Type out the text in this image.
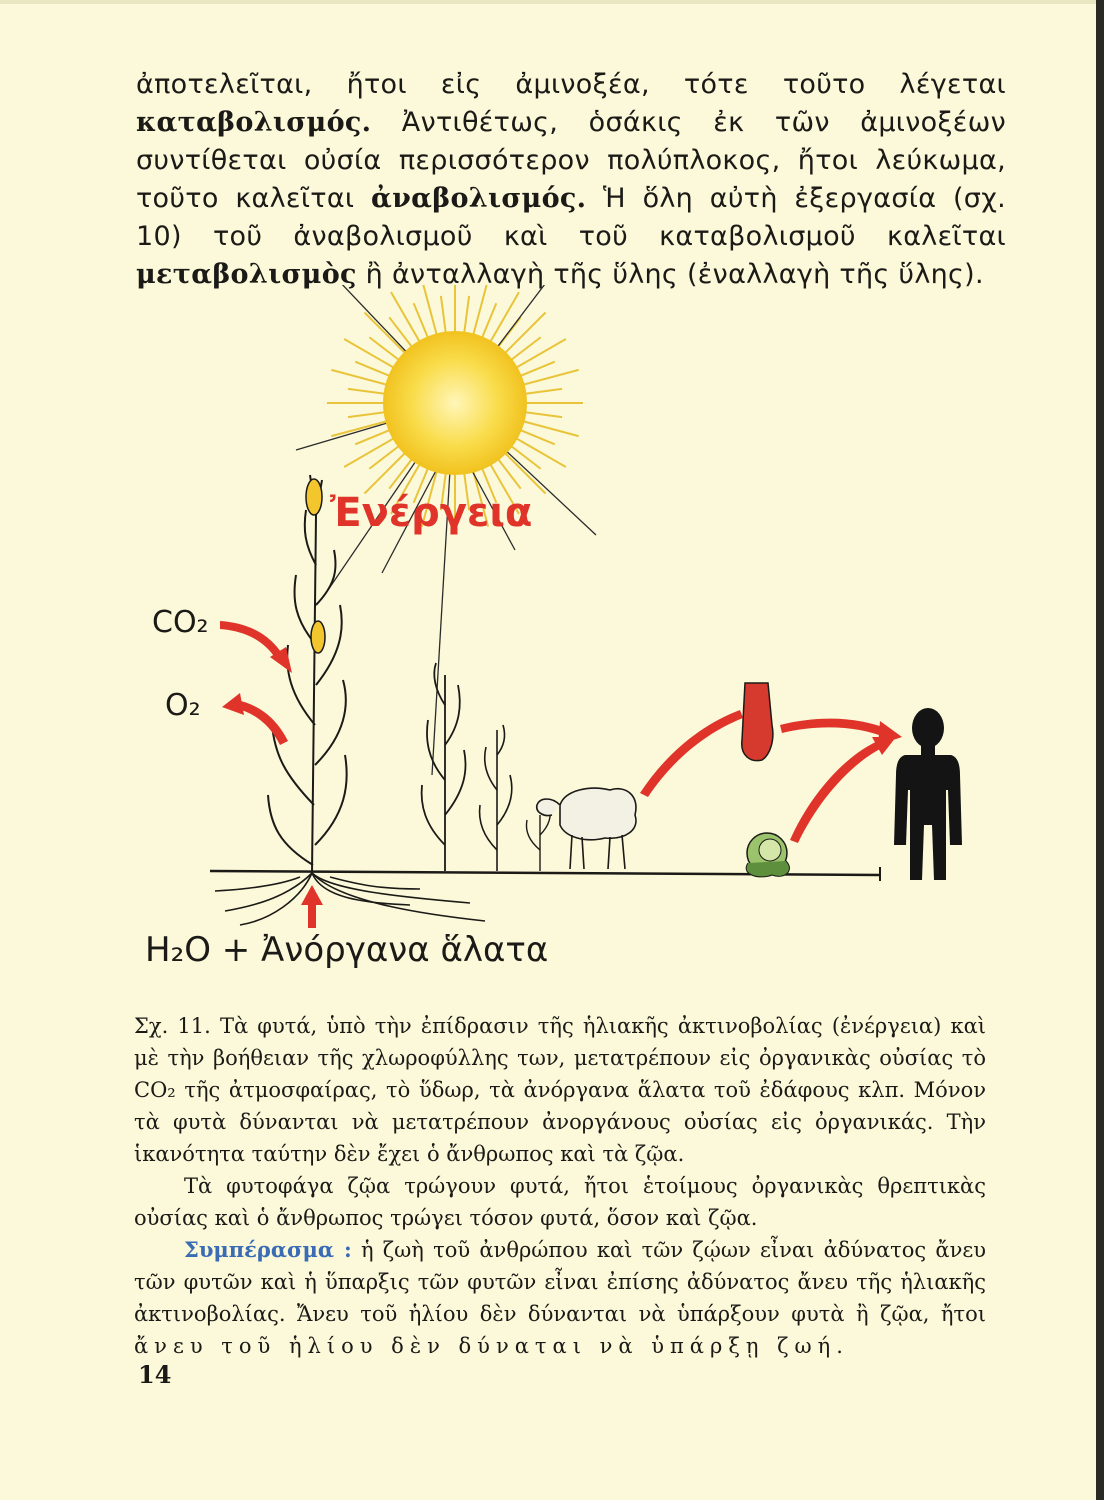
ἀποτελεῖται, ἤτοι εἰς ἀμινοξέα, τότε τοῦτο λέγεται καταβολισμός. Ἀντιθέτως, ὁσάκις ἐκ τῶν ἀμινοξέων συντίθεται οὐσία περισσότερον πολύπλοκος, ἤτοι λεύκωμα, τοῦτο καλεῖται ἀναβολισμός. Ἡ ὅλη αὐτὴ ἐξεργασία (σχ. 10) τοῦ ἀναβολισμοῦ καὶ τοῦ καταβολισμοῦ καλεῖται μεταβολισμὸς ἢ ἀνταλλαγὴ τῆς ὕλης (ἐναλλαγὴ τῆς ὕλης).
Ἐνέργεια
CO₂
O₂
H₂O + Ἀνόργανα ἅλατα

Σχ. 11. Τὰ φυτά, ὑπὸ τὴν ἐπίδρασιν τῆς ἡλιακῆς ἀκτινοβολίας (ἐνέργεια) καὶ μὲ τὴν βοήθειαν τῆς χλωροφύλλης των, μετατρέπουν εἰς ὀργανικὰς οὐσίας τὸ CO₂ τῆς ἀτμοσφαίρας, τὸ ὕδωρ, τὰ ἀνόργανα ἅλατα τοῦ ἐδάφους κλπ. Μόνον τὰ φυτὰ δύνανται νὰ μετατρέπουν ἀνοργάνους οὐσίας εἰς ὀργανικάς. Τὴν ἱκανότητα ταύτην δὲν ἔχει ὁ ἄνθρωπος καὶ τὰ ζῷα.

Τὰ φυτοφάγα ζῷα τρώγουν φυτά, ἤτοι ἑτοίμους ὀργανικὰς θρεπτικὰς οὐσίας καὶ ὁ ἄνθρωπος τρώγει τόσον φυτά, ὅσον καὶ ζῷα.

Συμπέρασμα : ἡ ζωὴ τοῦ ἀνθρώπου καὶ τῶν ζῴων εἶναι ἀδύνατος ἄνευ τῶν φυτῶν καὶ ἡ ὕπαρξις τῶν φυτῶν εἶναι ἐπίσης ἀδύνατος ἄνευ τῆς ἡλιακῆς ἀκτινοβολίας. Ἄνευ τοῦ ἡλίου δὲν δύνανται νὰ ὑπάρξουν φυτὰ ἢ ζῷα, ἤτοι ἄνευ τοῦ ἡλίου δὲν δύναται νὰ ὑπάρξῃ ζωή.

14
